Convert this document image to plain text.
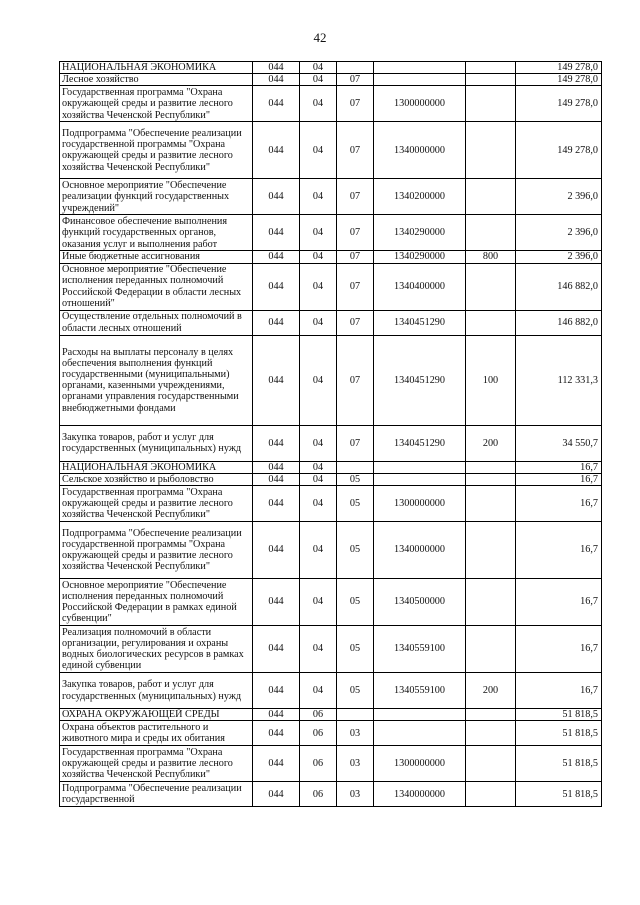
42
НАЦИОНАЛЬНАЯ ЭКОНОМИКА	044	04				149 278,0
Лесное хозяйство	044	04	07			149 278,0
Государственная программа "Охрана окружающей среды и развитие лесного хозяйства Чеченской Республики"	044	04	07	1300000000		149 278,0
Подпрограмма "Обеспечение реализации государственной программы "Охрана окружающей среды и развитие лесного хозяйства Чеченской Республики"	044	04	07	1340000000		149 278,0
Основное мероприятие "Обеспечение реализации функций государственных учреждений"	044	04	07	1340200000		2 396,0
Финансовое обеспечение выполнения функций государственных органов, оказания услуг и выполнения работ	044	04	07	1340290000		2 396,0
Иные бюджетные ассигнования	044	04	07	1340290000	800	2 396,0
Основное мероприятие "Обеспечение исполнения переданных полномочий Российской Федерации в области лесных отношений"	044	04	07	1340400000		146 882,0
Осуществление отдельных полномочий в области лесных отношений	044	04	07	1340451290		146 882,0
Расходы на выплаты персоналу в целях обеспечения выполнения функций государственными (муниципальными) органами, казенными учреждениями, органами управления государственными внебюджетными фондами	044	04	07	1340451290	100	112 331,3
Закупка товаров, работ и услуг для государственных (муниципальных) нужд	044	04	07	1340451290	200	34 550,7
НАЦИОНАЛЬНАЯ ЭКОНОМИКА	044	04				16,7
Сельское хозяйство и рыболовство	044	04	05			16,7
Государственная программа "Охрана окружающей среды и развитие лесного хозяйства Чеченской Республики"	044	04	05	1300000000		16,7
Подпрограмма "Обеспечение реализации государственной программы "Охрана окружающей среды и развитие лесного хозяйства Чеченской Республики"	044	04	05	1340000000		16,7
Основное мероприятие "Обеспечение исполнения переданных полномочий Российской Федерации в рамках единой субвенции"	044	04	05	1340500000		16,7
Реализация полномочий в области организации, регулирования и охраны водных биологических ресурсов в рамках единой субвенции	044	04	05	1340559100		16,7
Закупка товаров, работ и услуг для государственных (муниципальных) нужд	044	04	05	1340559100	200	16,7
ОХРАНА ОКРУЖАЮЩЕЙ СРЕДЫ	044	06				51 818,5
Охрана объектов растительного и животного мира и среды их обитания	044	06	03			51 818,5
Государственная программа "Охрана окружающей среды и развитие лесного хозяйства Чеченской Республики"	044	06	03	1300000000		51 818,5
Подпрограмма "Обеспечение реализации государственной	044	06	03	1340000000		51 818,5
